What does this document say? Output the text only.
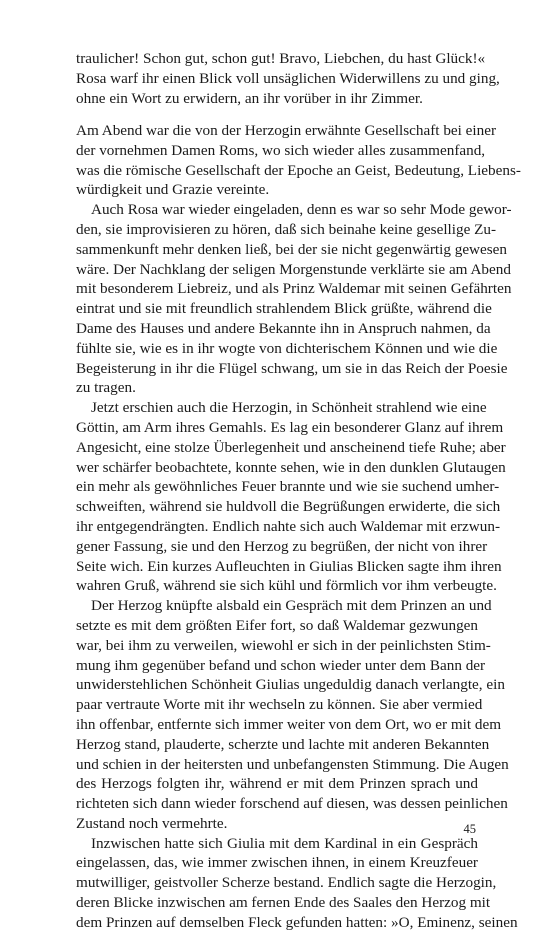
traulicher! Schon gut, schon gut! Bravo, Liebchen, du hast Glück!«
Rosa warf ihr einen Blick voll unsäglichen Widerwillens zu und ging,
ohne ein Wort zu erwidern, an ihr vorüber in ihr Zimmer.
Am Abend war die von der Herzogin erwähnte Gesellschaft bei einer
der vornehmen Damen Roms, wo sich wieder alles zusammenfand,
was die römische Gesellschaft der Epoche an Geist, Bedeutung, Liebens-
würdigkeit und Grazie vereinte.
Auch Rosa war wieder eingeladen, denn es war so sehr Mode gewor-
den, sie improvisieren zu hören, daß sich beinahe keine gesellige Zu-
sammenkunft mehr denken ließ, bei der sie nicht gegenwärtig gewesen
wäre. Der Nachklang der seligen Morgenstunde verklärte sie am Abend
mit besonderem Liebreiz, und als Prinz Waldemar mit seinen Gefährten
eintrat und sie mit freundlich strahlendem Blick grüßte, während die
Dame des Hauses und andere Bekannte ihn in Anspruch nahmen, da
fühlte sie, wie es in ihr wogte von dichterischem Können und wie die
Begeisterung in ihr die Flügel schwang, um sie in das Reich der Poesie
zu tragen.
Jetzt erschien auch die Herzogin, in Schönheit strahlend wie eine
Göttin, am Arm ihres Gemahls. Es lag ein besonderer Glanz auf ihrem
Angesicht, eine stolze Überlegenheit und anscheinend tiefe Ruhe; aber
wer schärfer beobachtete, konnte sehen, wie in den dunklen Glutaugen
ein mehr als gewöhnliches Feuer brannte und wie sie suchend umher-
schweiften, während sie huldvoll die Begrüßungen erwiderte, die sich
ihr entgegendrängten. Endlich nahte sich auch Waldemar mit erzwun-
gener Fassung, sie und den Herzog zu begrüßen, der nicht von ihrer
Seite wich. Ein kurzes Aufleuchten in Giulias Blicken sagte ihm ihren
wahren Gruß, während sie sich kühl und förmlich vor ihm verbeugte.
Der Herzog knüpfte alsbald ein Gespräch mit dem Prinzen an und
setzte es mit dem größten Eifer fort, so daß Waldemar gezwungen
war, bei ihm zu verweilen, wiewohl er sich in der peinlichsten Stim-
mung ihm gegenüber befand und schon wieder unter dem Bann der
unwiderstehlichen Schönheit Giulias ungeduldig danach verlangte, ein
paar vertraute Worte mit ihr wechseln zu können. Sie aber vermied
ihn offenbar, entfernte sich immer weiter von dem Ort, wo er mit dem
Herzog stand, plauderte, scherzte und lachte mit anderen Bekannten
und schien in der heitersten und unbefangensten Stimmung. Die Augen
des Herzogs folgten ihr, während er mit dem Prinzen sprach und
richteten sich dann wieder forschend auf diesen, was dessen peinlichen
Zustand noch vermehrte.
Inzwischen hatte sich Giulia mit dem Kardinal in ein Gespräch
eingelassen, das, wie immer zwischen ihnen, in einem Kreuzfeuer
mutwilliger, geistvoller Scherze bestand. Endlich sagte die Herzogin,
deren Blicke inzwischen am fernen Ende des Saales den Herzog mit
dem Prinzen auf demselben Fleck gefunden hatten: »O, Eminenz, seinen
45
